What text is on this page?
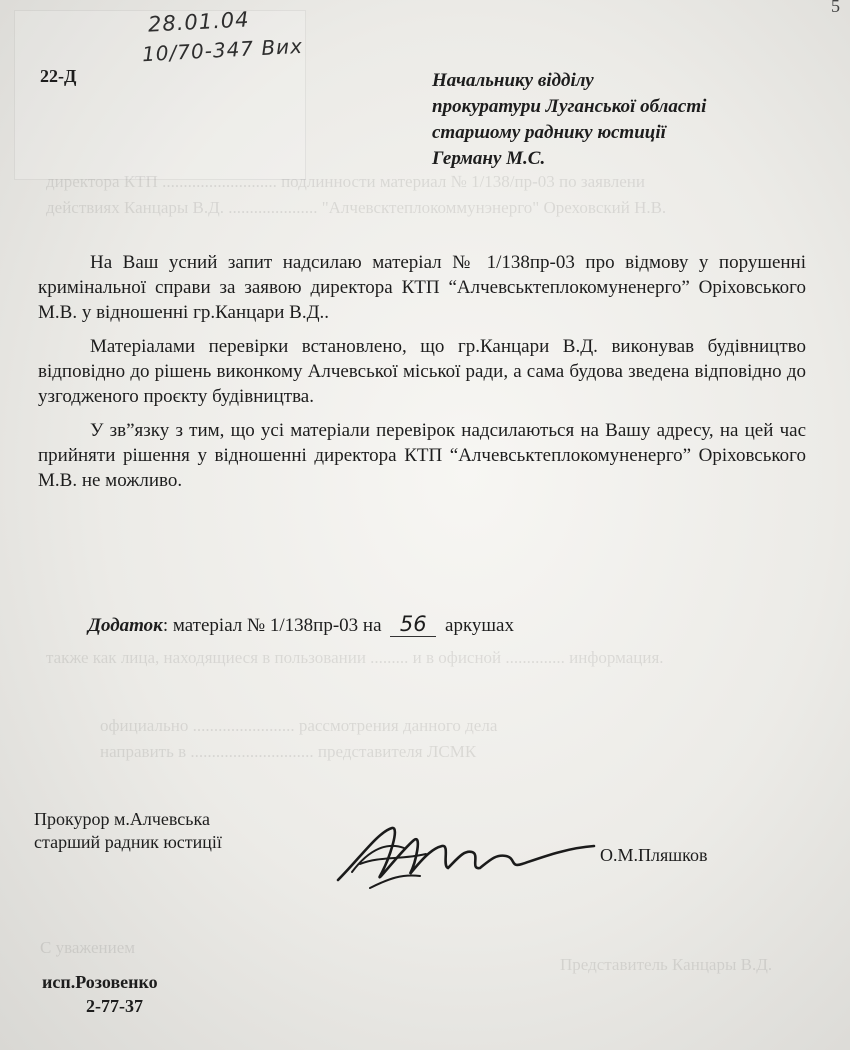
директора КТП ........................... подлинности материал № 1/138/пр-03 по заявлени
действиях Канцары В.Д. ..................... "Алчевсктеплокоммунэнерго" Ореховский Н.В.
также как лица, находящиеся в пользовании ......... и в офисной .............. информация.
официально ........................ рассмотрения данного дела
направить в ............................. представителя ЛСМК
С уважением
Представитель Канцары В.Д.
5
28.01.04
10/70-347 Вих
22-Д	Начальнику відділу
прокуратури Луганської області
старшому раднику юстиції
Герману М.С.

На Ваш усний запит надсилаю матеріал № 1/138пр-03 про відмову у порушенні кримінальної справи за заявою директора КТП “Алчевськтеплокомуненерго” Оріховського М.В. у відношенні гр.Канцари В.Д..

Матеріалами перевірки встановлено, що гр.Канцари В.Д. виконував будівництво відповідно до рішень виконкому Алчевської міської ради, а сама будова зведена відповідно до узгодженого проєкту будівництва.

У зв”язку з тим, що усі матеріали перевірок надсилаються на Вашу адресу, на цей час прийняти рішення у відношенні директора КТП “Алчевськтеплокомуненерго” Оріховського М.В. не можливо.

Додаток: матеріал № 1/138пр-03 на 56 аркушах
Прокурор м.Алчевська
старший радник юстиції
О.М.Пляшков
исп.Розовенко
2-77-37
